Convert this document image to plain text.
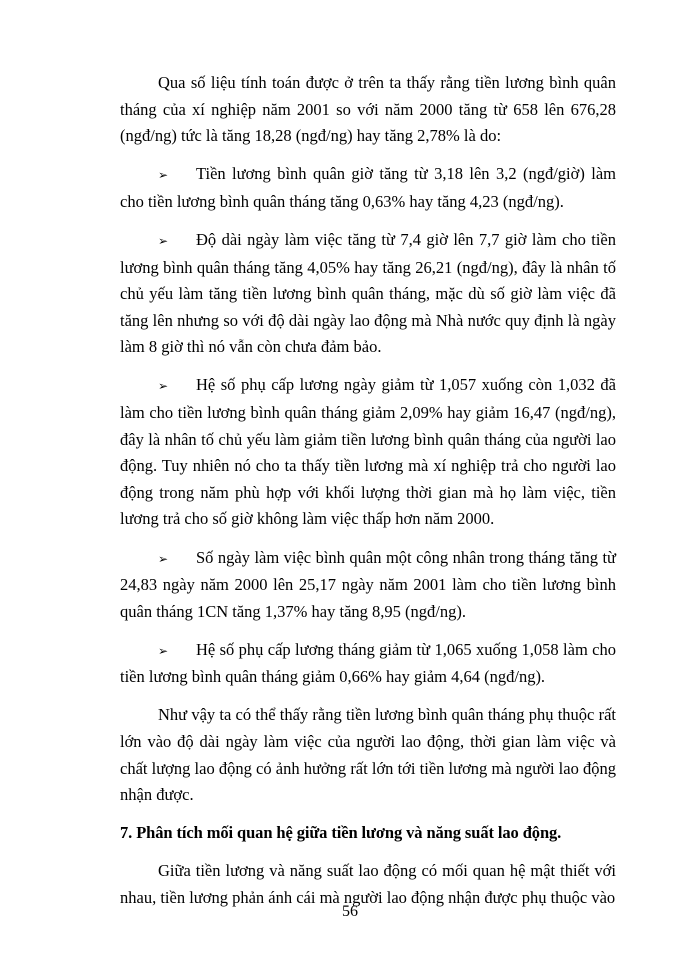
Qua số liệu tính toán được ở trên ta thấy rằng tiền lương bình quân tháng của xí nghiệp năm 2001 so với năm 2000 tăng từ 658 lên 676,28 (ngđ/ng) tức là tăng 18,28 (ngđ/ng) hay tăng 2,78% là do:

➢ Tiền lương bình quân giờ tăng từ 3,18 lên 3,2 (ngđ/giờ) làm cho tiền lương bình quân tháng tăng 0,63% hay tăng 4,23 (ngđ/ng).

➢ Độ dài ngày làm việc tăng từ 7,4 giờ lên 7,7 giờ làm cho tiền lương bình quân tháng tăng 4,05% hay tăng 26,21 (ngđ/ng), đây là nhân tố chủ yếu làm tăng tiền lương bình quân tháng, mặc dù số giờ làm việc đã tăng lên nhưng so với độ dài ngày lao động mà Nhà nước quy định là ngày làm 8 giờ thì nó vẫn còn chưa đảm bảo.

➢ Hệ số phụ cấp lương ngày giảm từ 1,057 xuống còn 1,032 đã làm cho tiền lương bình quân tháng giảm 2,09% hay giảm 16,47 (ngđ/ng), đây là nhân tố chủ yếu làm giảm tiền lương bình quân tháng của người lao động. Tuy nhiên nó cho ta thấy tiền lương mà xí nghiệp trả cho người lao động trong năm phù hợp với khối lượng thời gian mà họ làm việc, tiền lương trả cho số giờ không làm việc thấp hơn năm 2000.

➢ Số ngày làm việc bình quân một công nhân trong tháng tăng từ 24,83 ngày năm 2000 lên 25,17 ngày năm 2001 làm cho tiền lương bình quân tháng 1CN tăng 1,37% hay tăng 8,95 (ngđ/ng).

➢ Hệ số phụ cấp lương tháng giảm từ 1,065 xuống 1,058 làm cho tiền lương bình quân tháng giảm 0,66% hay giảm 4,64 (ngđ/ng).

Như vậy ta có thể thấy rằng tiền lương bình quân tháng phụ thuộc rất lớn vào độ dài ngày làm việc của người lao động, thời gian làm việc và chất lượng lao động có ảnh hưởng rất lớn tới tiền lương mà người lao động nhận được.

7. Phân tích mối quan hệ giữa tiền lương và năng suất lao động.

Giữa tiền lương và năng suất lao động có mối quan hệ mật thiết với nhau, tiền lương phản ánh cái mà người lao động nhận được phụ thuộc vào

56
